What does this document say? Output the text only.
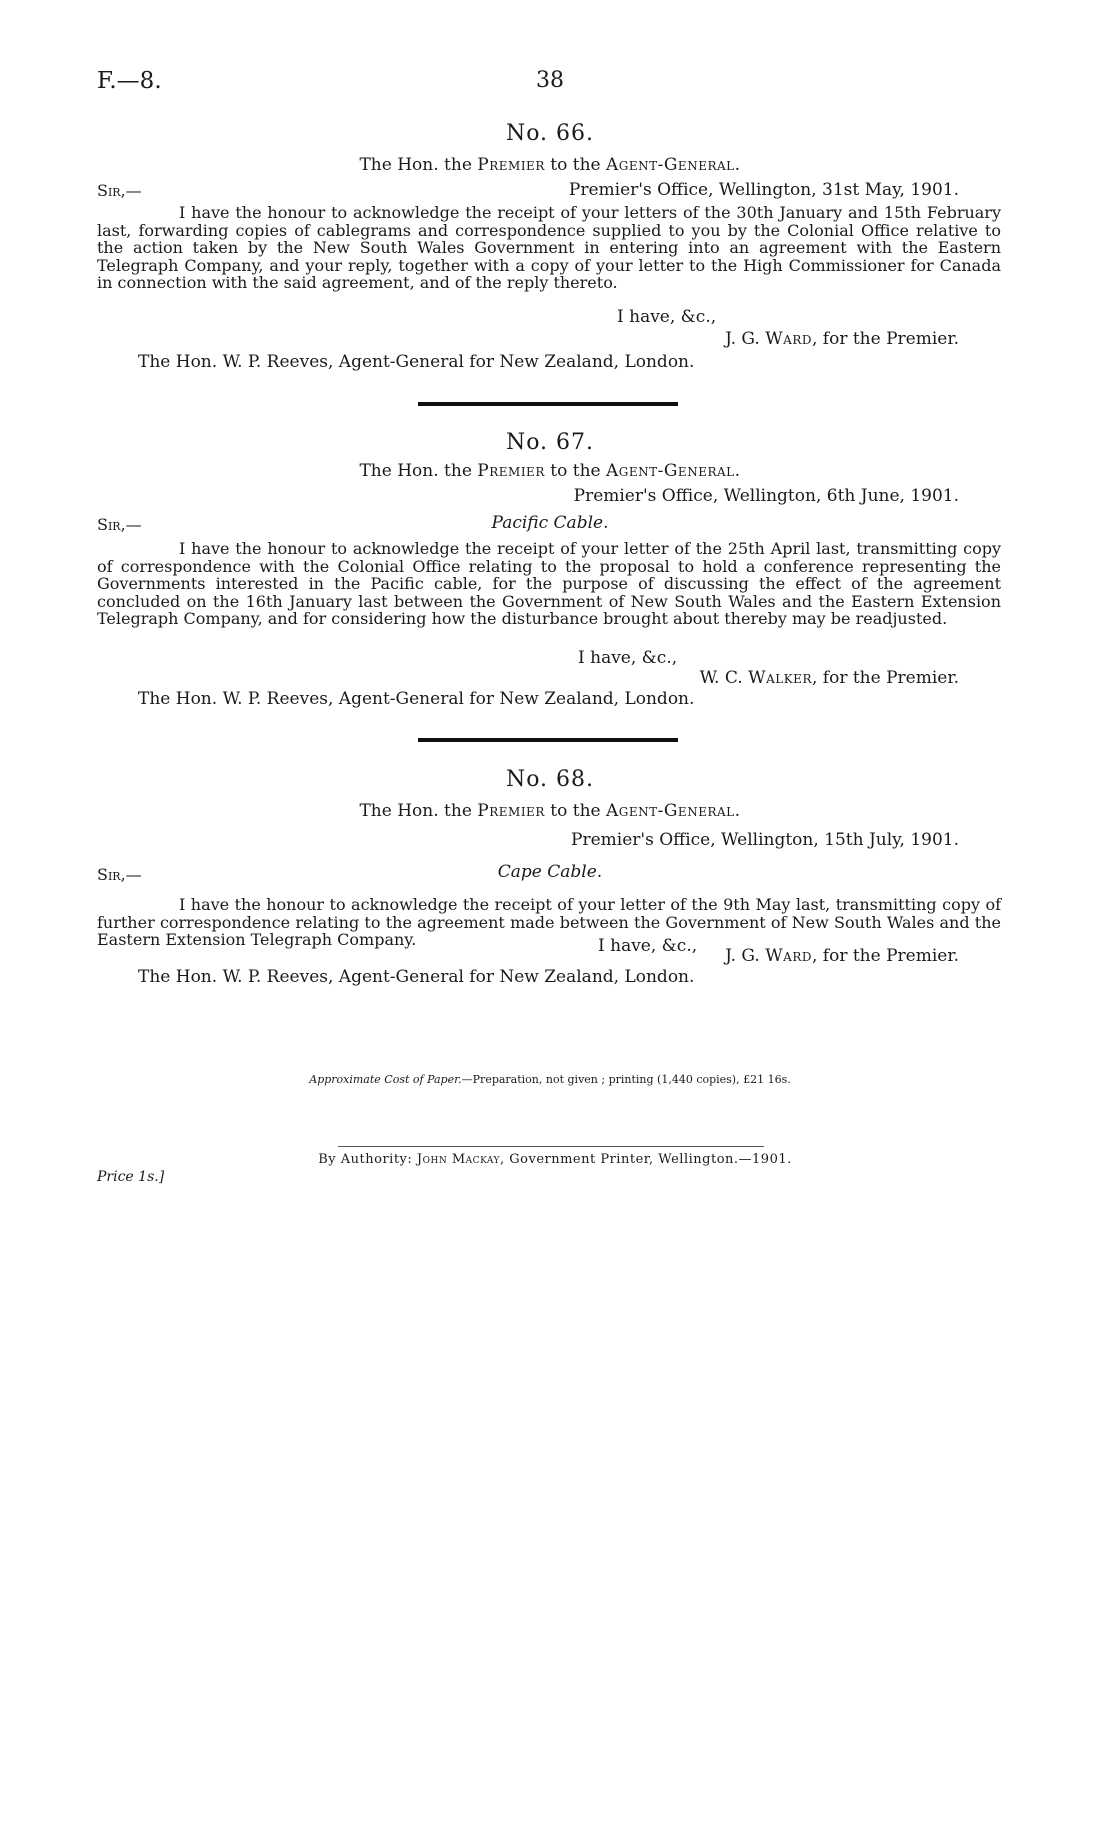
F.—8.	38
No. 66.
The Hon. the Premier to the Agent-General.
Sir,—	Premier's Office, Wellington, 31st May, 1901.

I have the honour to acknowledge the receipt of your letters of the 30th January and 15th February last, forwarding copies of cablegrams and correspondence supplied to you by the Colonial Office relative to the action taken by the New South Wales Government in entering into an agreement with the Eastern Telegraph Company, and your reply, together with a copy of your letter to the High Commissioner for Canada in connection with the said agreement, and of the reply thereto.

I have, &c.,
J. G. Ward, for the Premier.
The Hon. W. P. Reeves, Agent-General for New Zealand, London.
No. 67.
The Hon. the Premier to the Agent-General.
Premier's Office, Wellington, 6th June, 1901.
Sir,—	Pacific Cable.

I have the honour to acknowledge the receipt of your letter of the 25th April last, transmitting copy of correspondence with the Colonial Office relating to the proposal to hold a conference representing the Governments interested in the Pacific cable, for the purpose of discussing the effect of the agreement concluded on the 16th January last between the Government of New South Wales and the Eastern Extension Telegraph Company, and for considering how the disturbance brought about thereby may be readjusted.

I have, &c.,
W. C. Walker, for the Premier.
The Hon. W. P. Reeves, Agent-General for New Zealand, London.
No. 68.
The Hon. the Premier to the Agent-General.
Premier's Office, Wellington, 15th July, 1901.
Sir,—	Cape Cable.

I have the honour to acknowledge the receipt of your letter of the 9th May last, transmitting copy of further correspondence relating to the agreement made between the Government of New South Wales and the Eastern Extension Telegraph Company.	I have, &c., J. G. Ward, for the Premier.
The Hon. W. P. Reeves, Agent-General for New Zealand, London.
Approximate Cost of Paper.—Preparation, not given ; printing (1,440 copies), £21 16s.
By Authority: John Mackay, Government Printer, Wellington.—1901.
Price 1s.]
